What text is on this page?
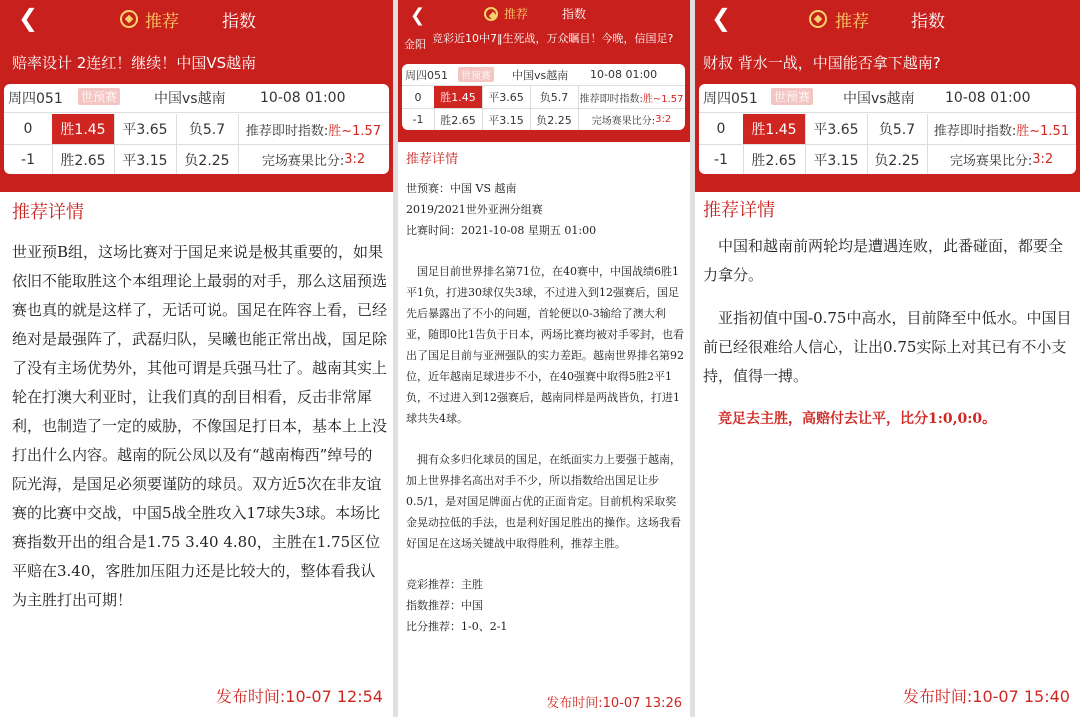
❮	推荐	指数
赔率设计 2连红！继续！中国VS越南
周四051 世预赛	中国vs越南 10-08 01:00
0	胜1.45	平3.65	负5.7	推荐即时指数: 胜~1.57
-1	胜2.65	平3.15	负2.25	完场赛果比分: 3:2
推荐详情

世亚预B组，这场比赛对于国足来说是极其重要的，如果依旧不能取胜这个本组理论上最弱的对手，那么这届预选赛也真的就是这样了，无话可说。国足在阵容上看，已经绝对是最强阵了，武磊归队，吴曦也能正常出战，国足除了没有主场优势外，其他可谓是兵强马壮了。越南其实上轮在打澳大利亚时，让我们真的刮目相看，反击非常犀利，也制造了一定的威胁，不像国足打日本，基本上上没打出什么内容。越南的阮公凤以及有“越南梅西”绰号的阮光海，是国足必须要谨防的球员。双方近5次在非友谊赛的比赛中交战，中国5战全胜攻入17球失3球。本场比赛指数开出的组合是1.75 3.40 4.80，主胜在1.75区位平赔在3.40，客胜加压阻力还是比较大的，整体看我认为主胜打出可期！

发布时间:10-07 12:54
❮	推荐	指数
金阳 竞彩近10中7‖生死战，万众瞩目！今晚，信国足?
周四051	世预赛 中国vs越南 10-08 01:00
0	胜1.45	平3.65	负5.7	推荐即时指数: 胜~1.57
-1	胜2.65	平3.15	负2.25	完场赛果比分: 3:2
推荐详情

世预赛：中国 VS 越南

2019/2021世外亚洲分组赛

比赛时间：2021-10-08 星期五 01:00

国足目前世界排名第71位，在40赛中，中国战绩6胜1平1负，打进30球仅失3球，不过进入到12强赛后，国足先后暴露出了不小的问题，首轮便以0-3输给了澳大利亚，随即0比1告负于日本，两场比赛均被对手零封，也看出了国足目前与亚洲强队的实力差距。越南世界排名第92位，近年越南足球进步不小，在40强赛中取得5胜2平1负，不过进入到12强赛后，越南同样是两战皆负，打进1球共失4球。

拥有众多归化球员的国足，在纸面实力上要强于越南，加上世界排名高出对手不少，所以指数给出国足让步0.5/1，是对国足牌面占优的正面肯定。目前机构采取奖金晃动拉低的手法，也是利好国足胜出的操作。这场我看好国足在这场关键战中取得胜利，推荐主胜。

竞彩推荐：主胜

指数推荐：中国

比分推荐：1-0、2-1

发布时间:10-07 13:26
❮	推荐 指数
财叔 背水一战，中国能否拿下越南?
周四051 世预赛 中国vs越南 10-08 01:00
0	胜1.45	平3.65	负5.7	推荐即时指数: 胜~1.51
-1	胜2.65	平3.15	负2.25	完场赛果比分: 3:2
推荐详情

中国和越南前两轮均是遭遇连败，此番碰面，都要全力拿分。

亚指初值中国-0.75中高水，目前降至中低水。中国目前已经很难给人信心，让出0.75实际上对其已有不小支持，值得一搏。

竞足去主胜，高赔付去让平，比分1:0,0:0。

发布时间:10-07 15:40
